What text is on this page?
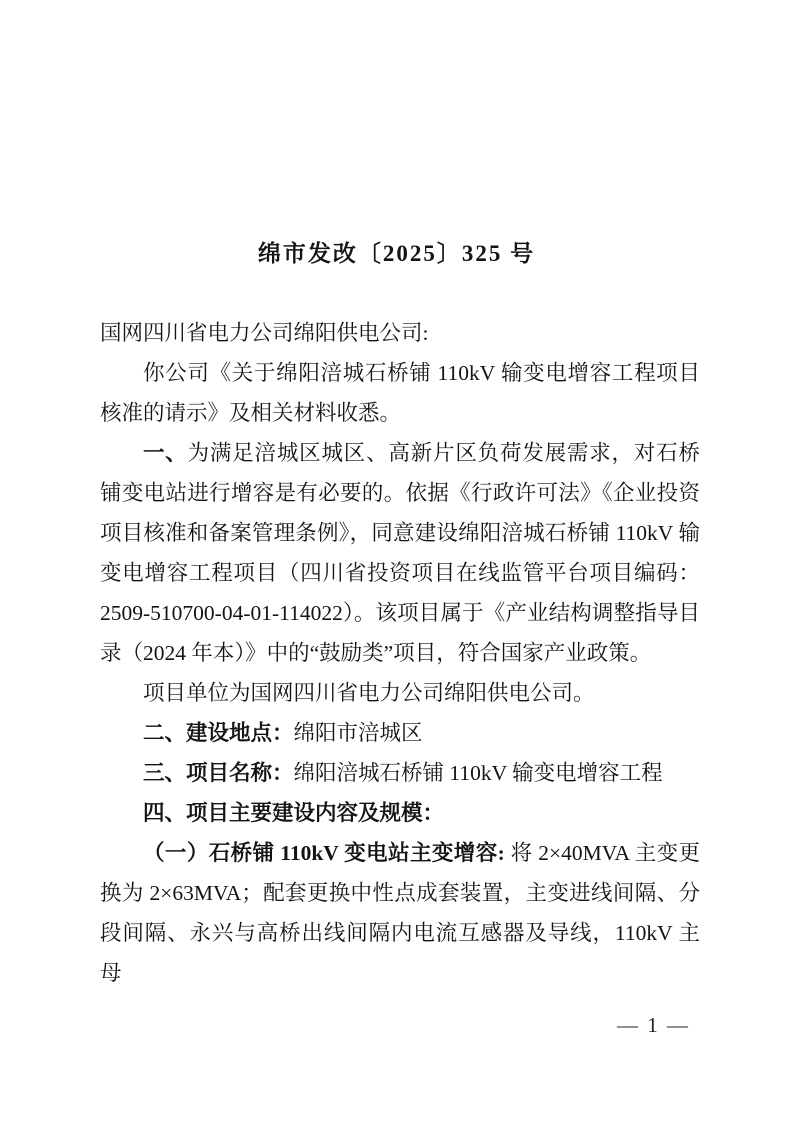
绵市发改〔2025〕325 号

国网四川省电力公司绵阳供电公司:

你公司《关于绵阳涪城石桥铺 110kV 输变电增容工程项目核准的请示》及相关材料收悉。

一、为满足涪城区城区、高新片区负荷发展需求，对石桥铺变电站进行增容是有必要的。依据《行政许可法》《企业投资项目核准和备案管理条例》，同意建设绵阳涪城石桥铺 110kV 输变电增容工程项目（四川省投资项目在线监管平台项目编码：2509-510700-04-01-114022）。该项目属于《产业结构调整指导目录（2024 年本）》中的“鼓励类”项目，符合国家产业政策。

项目单位为国网四川省电力公司绵阳供电公司。

二、建设地点：绵阳市涪城区

三、项目名称：绵阳涪城石桥铺 110kV 输变电增容工程

四、项目主要建设内容及规模：

（一）石桥铺 110kV 变电站主变增容: 将 2×40MVA 主变更换为 2×63MVA；配套更换中性点成套装置，主变进线间隔、分段间隔、永兴与高桥出线间隔内电流互感器及导线，110kV 主母

— 1 —
